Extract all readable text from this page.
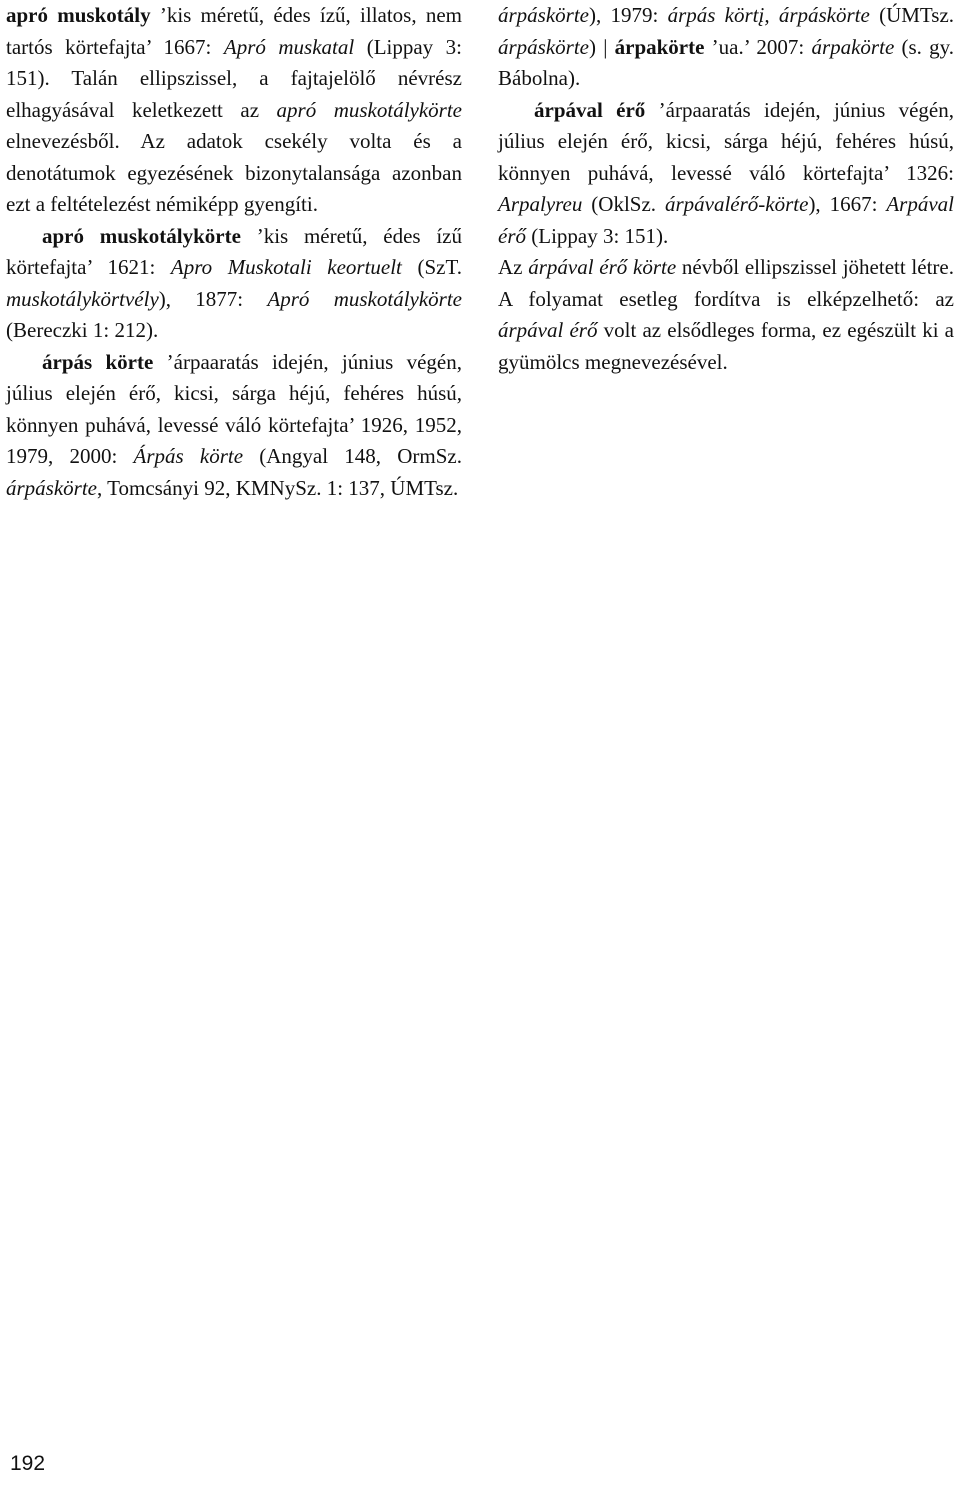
apró muskotály ’kis méretű, édes ízű, illatos, nem tartós körtefajta’ 1667: Apró muskatal (Lippay 3: 151). Talán ellipszissel, a fajtajelölő névrész elhagyásával keletkezett az apró muskotálykörte elnevezésből. Az adatok csekély volta és a denotátumok egyezésének bizonytalansága azonban ezt a feltételezést némiképp gyengíti.

apró muskotálykörte ’kis méretű, édes ízű körtefajta’ 1621: Apro Muskotali keortuelt (SzT. muskotálykörtvély), 1877: Apró muskotálykörte (Bereczki 1: 212).

árpás körte ’árpaaratás idején, június végén, július elején érő, kicsi, sárga héjú, fehéres húsú, könnyen puhává, levessé váló körtefajta’ 1926, 1952, 1979, 2000: Árpás körte (Angyal 148, OrmSz. árpáskörte, Tomcsányi 92, KMNySz. 1: 137, ÚMTsz.

árpáskörte), 1979: árpás körtį, árpáskörte (ÚMTsz. árpáskörte) | árpakörte ’ua.’ 2007: árpakörte (s. gy. Bábolna).

árpával érő ’árpaaratás idején, június végén, július elején érő, kicsi, sárga héjú, fehéres húsú, könnyen puhává, levessé váló körtefajta’ 1326: Arpalyreu (OklSz. árpávalérő-körte), 1667: Arpával érő (Lippay 3: 151).

Az árpával érő körte névből ellipszissel jöhetett létre. A folyamat esetleg fordítva is elképzelhető: az árpával érő volt az elsődleges forma, ez egészült ki a gyümölcs megnevezésével.

192
